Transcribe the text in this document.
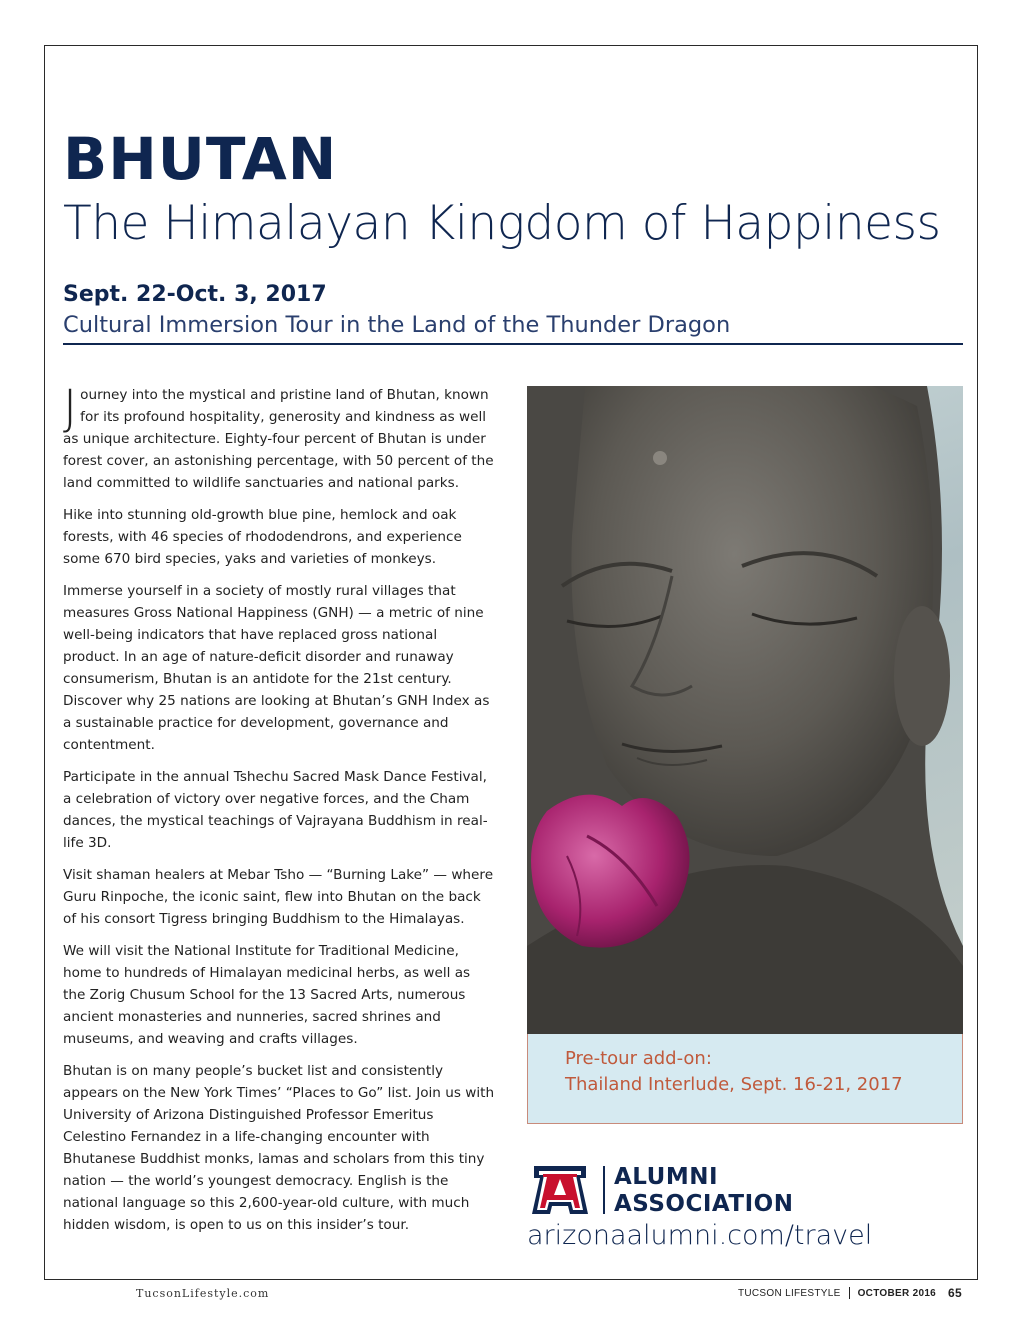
BHUTAN
The Himalayan Kingdom of Happiness
Sept. 22-Oct. 3, 2017
Cultural Immersion Tour in the Land of the Thunder Dragon

Journey into the mystical and pristine land of Bhutan, known for its profound hospitality, generosity and kindness as well as unique architecture. Eighty-four percent of Bhutan is under forest cover, an astonishing percentage, with 50 percent of the land committed to wildlife sanctuaries and national parks.

Hike into stunning old-growth blue pine, hemlock and oak forests, with 46 species of rhododendrons, and experience some 670 bird species, yaks and varieties of monkeys.

Immerse yourself in a society of mostly rural villages that measures Gross National Happiness (GNH) — a metric of nine well-being indicators that have replaced gross national product. In an age of nature-deficit disorder and runaway consumerism, Bhutan is an antidote for the 21st century. Discover why 25 nations are looking at Bhutan’s GNH Index as a sustainable practice for development, governance and contentment.

Participate in the annual Tshechu Sacred Mask Dance Festival, a celebration of victory over negative forces, and the Cham dances, the mystical teachings of Vajrayana Buddhism in real-life 3D.

Visit shaman healers at Mebar Tsho — “Burning Lake” — where Guru Rinpoche, the iconic saint, flew into Bhutan on the back of his consort Tigress bringing Buddhism to the Himalayas.

We will visit the National Institute for Traditional Medicine, home to hundreds of Himalayan medicinal herbs, as well as the Zorig Chusum School for the 13 Sacred Arts, numerous ancient monasteries and nunneries, sacred shrines and museums, and weaving and crafts villages.

Bhutan is on many people’s bucket list and consistently appears on the New York Times’ “Places to Go” list. Join us with University of Arizona Distinguished Professor Emeritus Celestino Fernandez in a life-changing encounter with Bhutanese Buddhist monks, lamas and scholars from this tiny nation — the world’s youngest democracy. English is the national language so this 2,600-year-old culture, with much hidden wisdom, is open to us on this insider’s tour.

Pre-tour add-on:
Thailand Interlude, Sept. 16-21, 2017
ALUMNI
ASSOCIATION
arizonaalumni.com/travel
TucsonLifestyle.com	TUCSON LIFESTYLE OCTOBER 2016 65
